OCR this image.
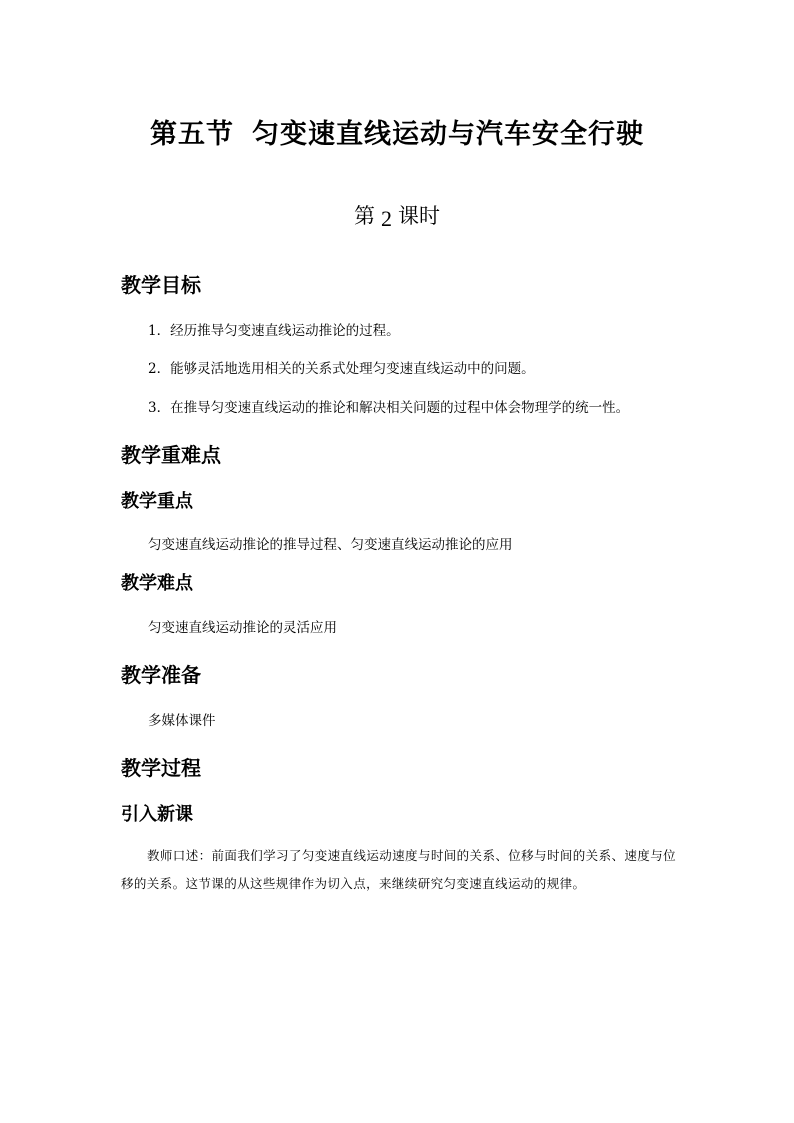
第五节 匀变速直线运动与汽车安全行驶
第 2 课时
教学目标
1．经历推导匀变速直线运动推论的过程。
2．能够灵活地选用相关的关系式处理匀变速直线运动中的问题。
3．在推导匀变速直线运动的推论和解决相关问题的过程中体会物理学的统一性。
教学重难点
教学重点
匀变速直线运动推论的推导过程、匀变速直线运动推论的应用
教学难点
匀变速直线运动推论的灵活应用
教学准备
多媒体课件
教学过程
引入新课
教师口述：前面我们学习了匀变速直线运动速度与时间的关系、位移与时间的关系、速度与位移的关系。这节课的从这些规律作为切入点，来继续研究匀变速直线运动的规律。
